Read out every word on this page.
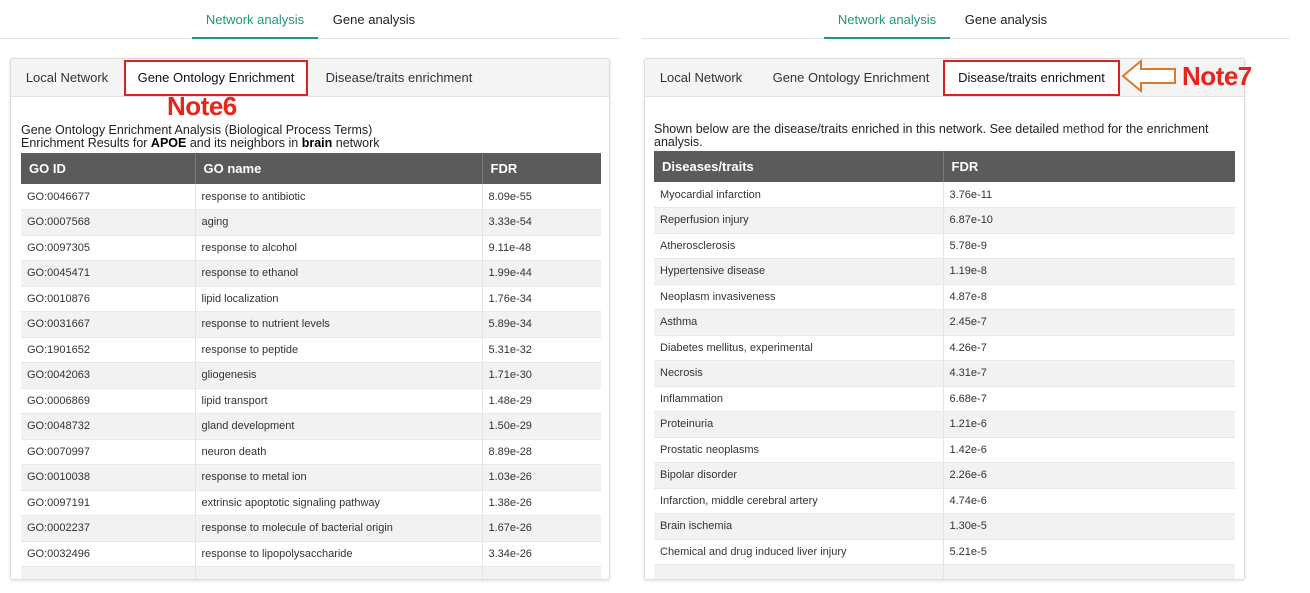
Network analysis	Gene analysis
Local Network	Gene Ontology Enrichment	Disease/traits enrichment
Note6
Gene Ontology Enrichment Analysis (Biological Process Terms)
Enrichment Results for APOE and its neighbors in brain network
GO ID	GO name	FDR
GO:0046677	response to antibiotic	8.09e-55
GO:0007568	aging	3.33e-54
GO:0097305	response to alcohol	9.11e-48
GO:0045471	response to ethanol	1.99e-44
GO:0010876	lipid localization	1.76e-34
GO:0031667	response to nutrient levels	5.89e-34
GO:1901652	response to peptide	5.31e-32
GO:0042063	gliogenesis	1.71e-30
GO:0006869	lipid transport	1.48e-29
GO:0048732	gland development	1.50e-29
GO:0070997	neuron death	8.89e-28
GO:0010038	response to metal ion	1.03e-26
GO:0097191	extrinsic apoptotic signaling pathway	1.38e-26
GO:0002237	response to molecule of bacterial origin	1.67e-26
GO:0032496	response to lipopolysaccharide	3.34e-26

Network analysis	Gene analysis
Local Network	Gene Ontology Enrichment	Disease/traits enrichment
Shown below are the disease/traits enriched in this network. See detailed method for the enrichment analysis.
Diseases/traits	FDR
Myocardial infarction	3.76e-11
Reperfusion injury	6.87e-10
Atherosclerosis	5.78e-9
Hypertensive disease	1.19e-8
Neoplasm invasiveness	4.87e-8
Asthma	2.45e-7
Diabetes mellitus, experimental	4.26e-7
Necrosis	4.31e-7
Inflammation	6.68e-7
Proteinuria	1.21e-6
Prostatic neoplasms	1.42e-6
Bipolar disorder	2.26e-6
Infarction, middle cerebral artery	4.74e-6
Brain ischemia	1.30e-5
Chemical and drug induced liver injury	5.21e-5

Note7
